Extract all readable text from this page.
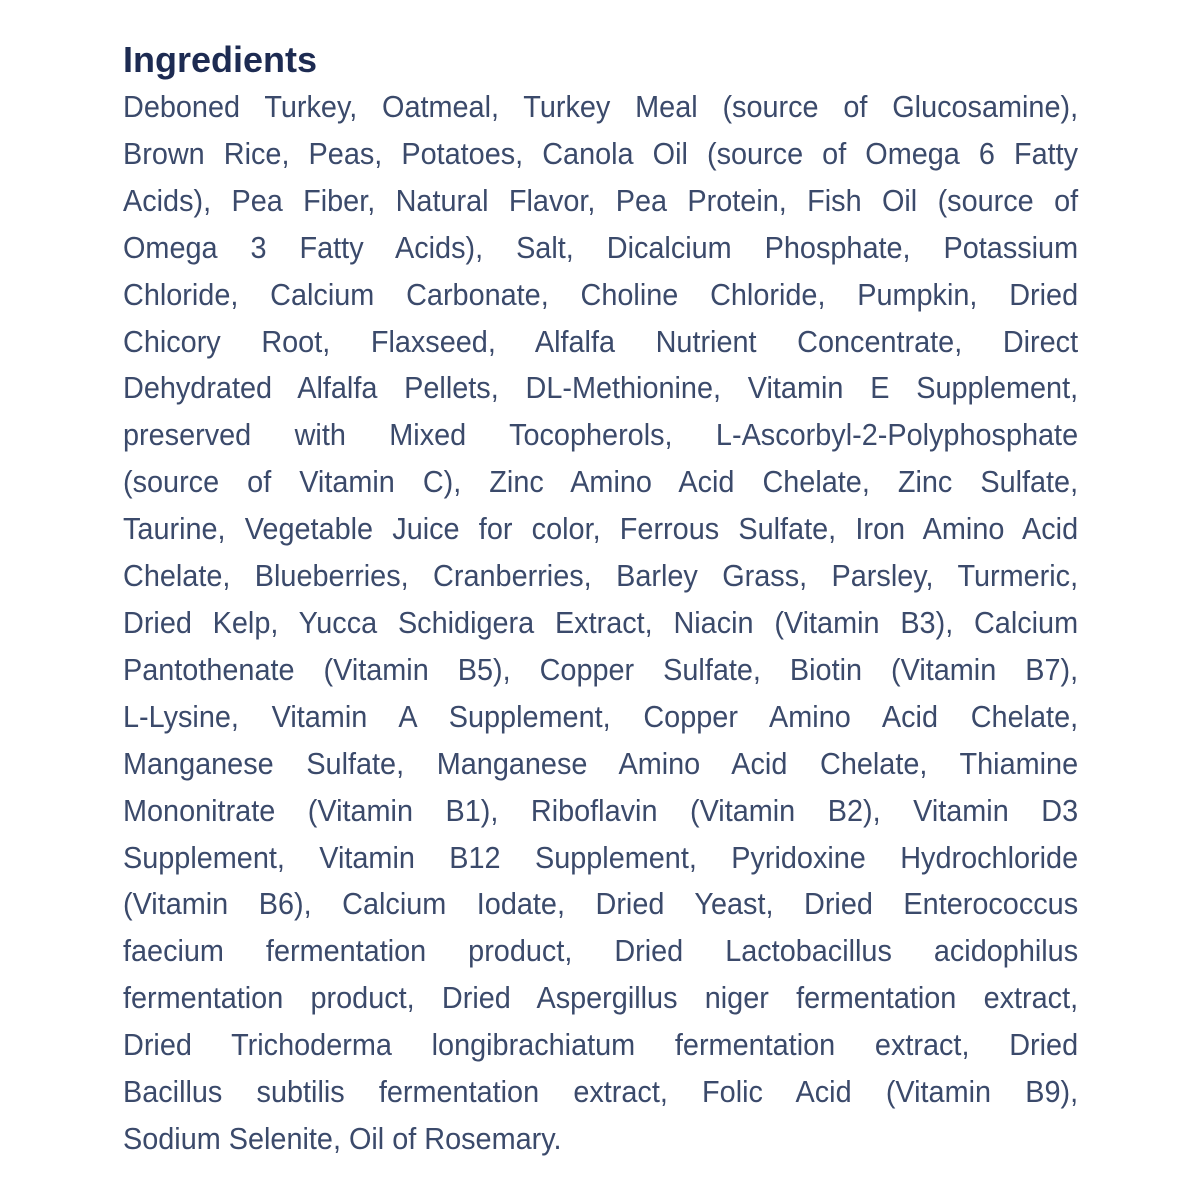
Ingredients
Deboned Turkey, Oatmeal, Turkey Meal (source of Glucosamine),
Brown Rice, Peas, Potatoes, Canola Oil (source of Omega 6 Fatty
Acids), Pea Fiber, Natural Flavor, Pea Protein, Fish Oil (source of
Omega 3 Fatty Acids), Salt, Dicalcium Phosphate, Potassium
Chloride, Calcium Carbonate, Choline Chloride, Pumpkin, Dried
Chicory Root, Flaxseed, Alfalfa Nutrient Concentrate, Direct
Dehydrated Alfalfa Pellets, DL-Methionine, Vitamin E Supplement,
preserved with Mixed Tocopherols, L-Ascorbyl-2-Polyphosphate
(source of Vitamin C), Zinc Amino Acid Chelate, Zinc Sulfate,
Taurine, Vegetable Juice for color, Ferrous Sulfate, Iron Amino Acid
Chelate, Blueberries, Cranberries, Barley Grass, Parsley, Turmeric,
Dried Kelp, Yucca Schidigera Extract, Niacin (Vitamin B3), Calcium
Pantothenate (Vitamin B5), Copper Sulfate, Biotin (Vitamin B7),
L-Lysine, Vitamin A Supplement, Copper Amino Acid Chelate,
Manganese Sulfate, Manganese Amino Acid Chelate, Thiamine
Mononitrate (Vitamin B1), Riboflavin (Vitamin B2), Vitamin D3
Supplement, Vitamin B12 Supplement, Pyridoxine Hydrochloride
(Vitamin B6), Calcium Iodate, Dried Yeast, Dried Enterococcus
faecium fermentation product, Dried Lactobacillus acidophilus
fermentation product, Dried Aspergillus niger fermentation extract,
Dried Trichoderma longibrachiatum fermentation extract, Dried
Bacillus subtilis fermentation extract, Folic Acid (Vitamin B9),
Sodium Selenite, Oil of Rosemary.
